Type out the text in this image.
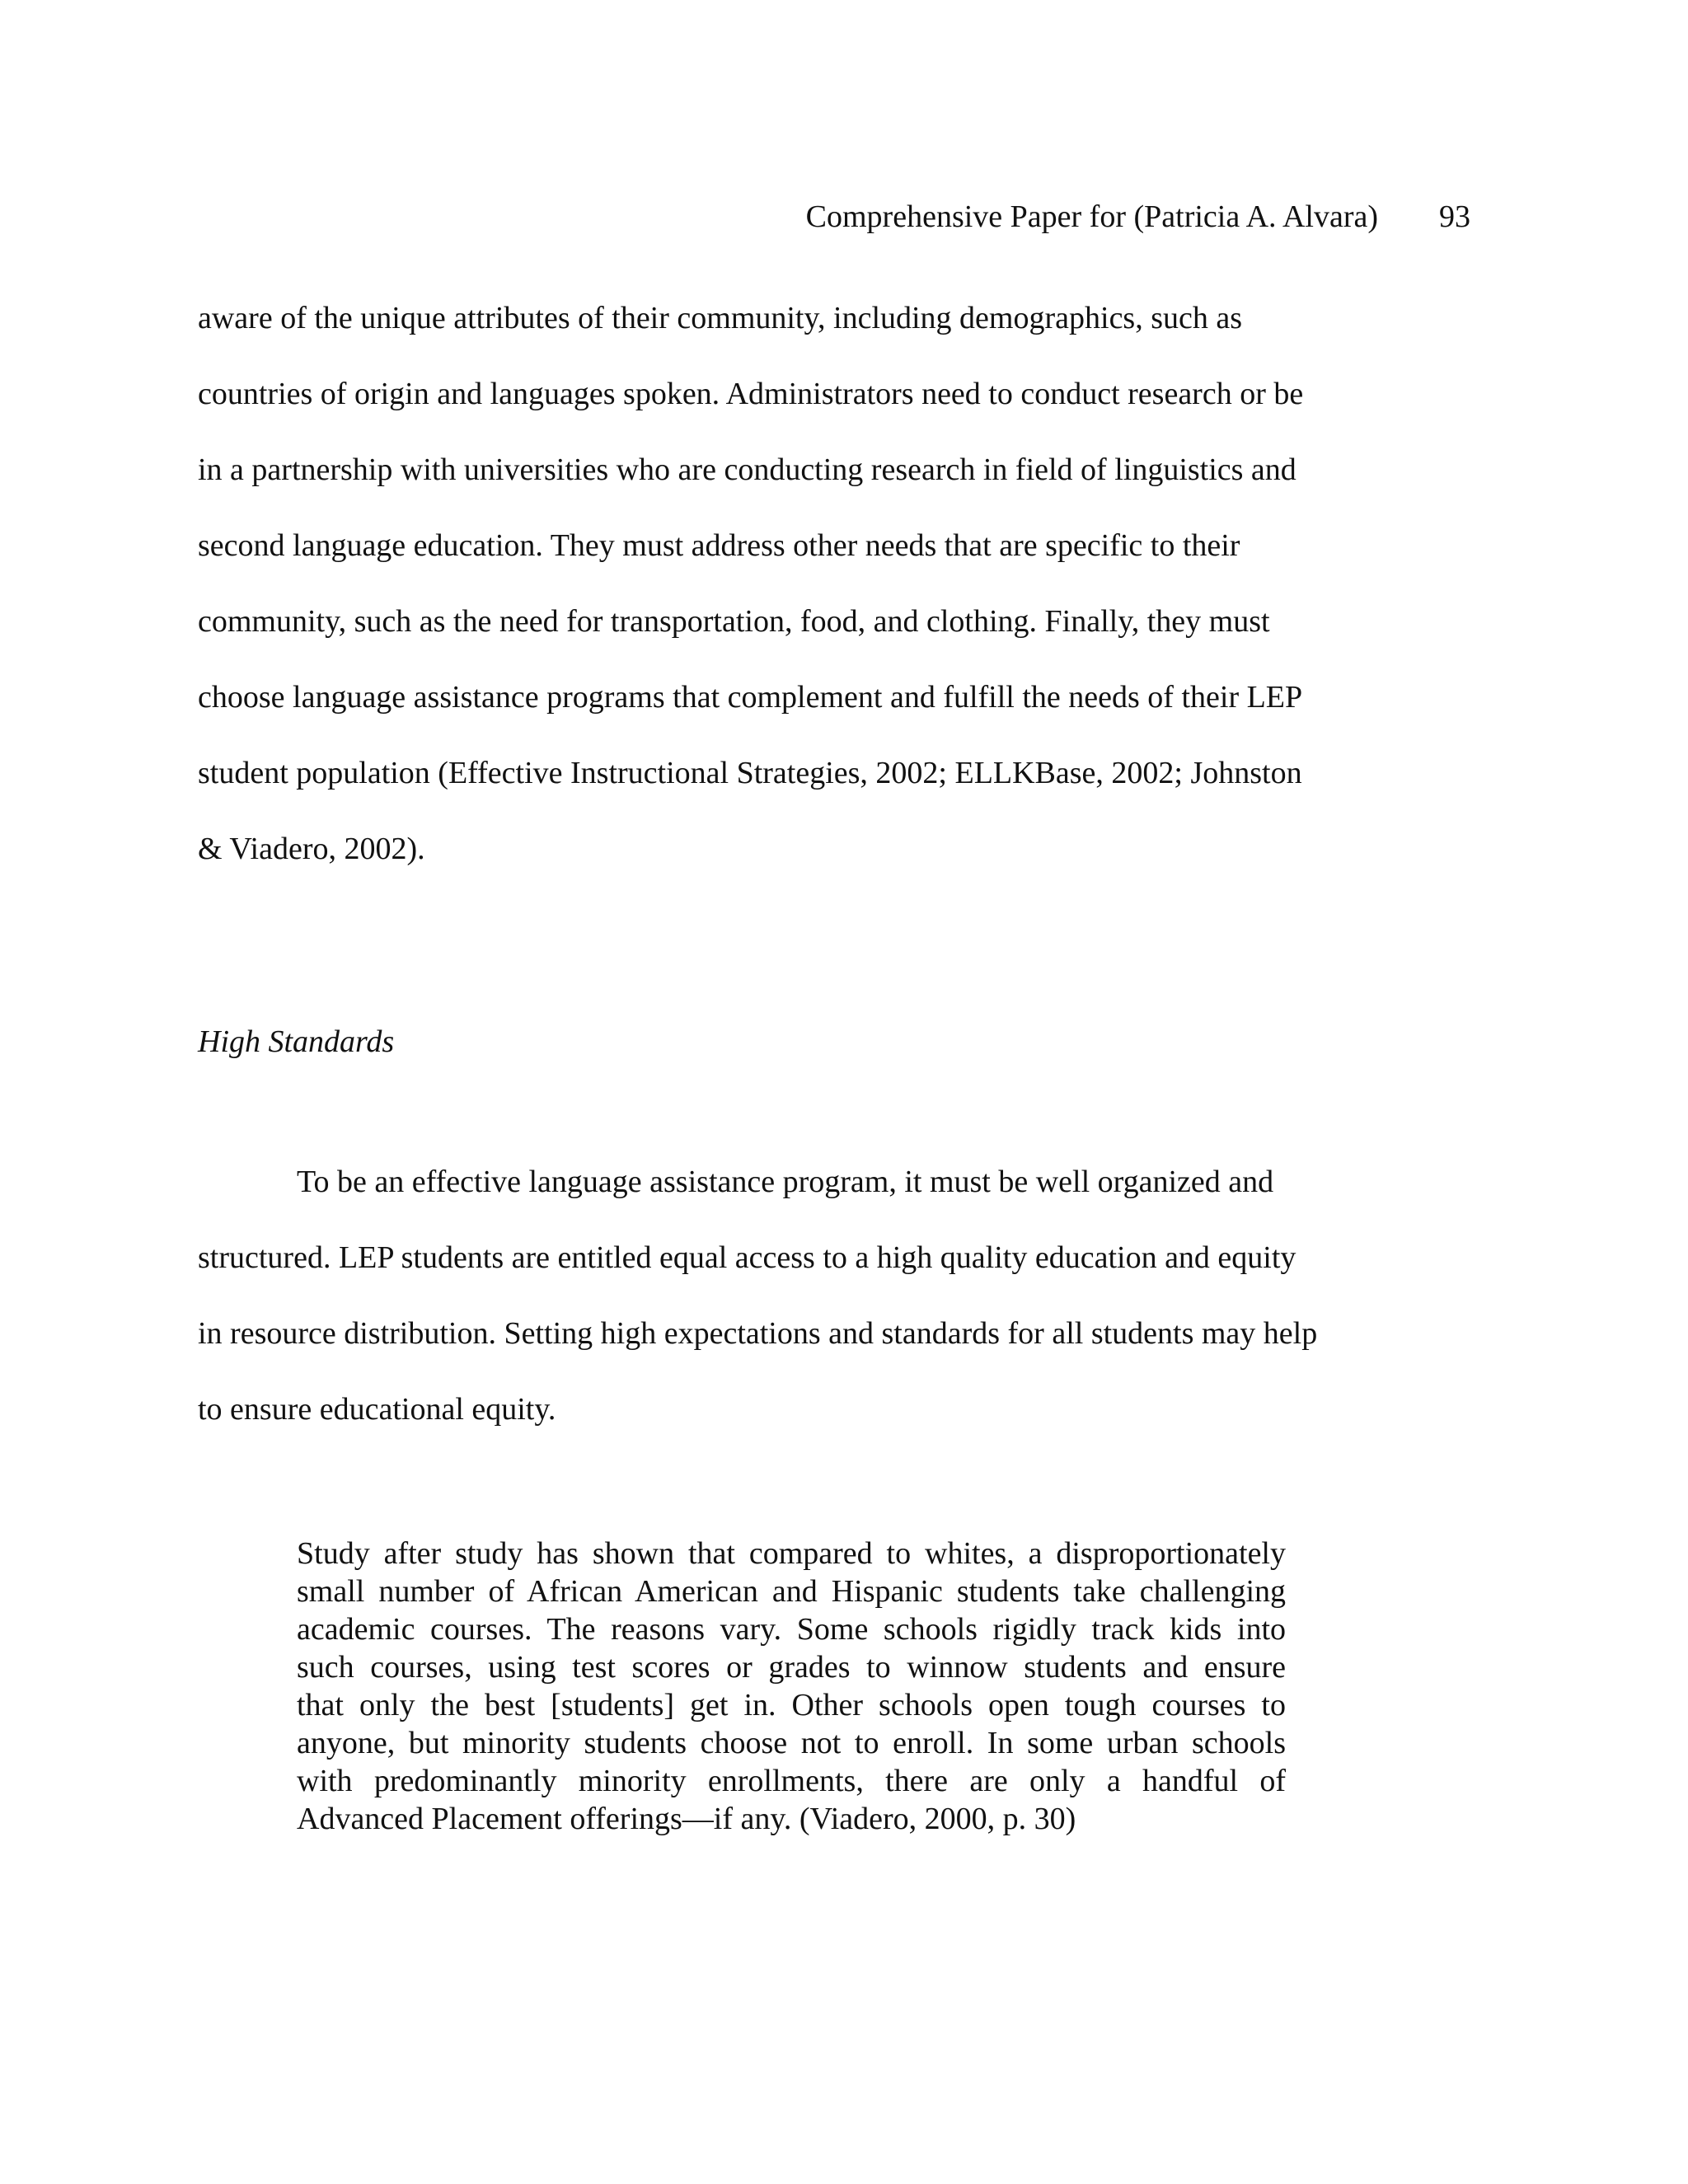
Comprehensive Paper for (Patricia A. Alvara) 93
aware of the unique attributes of their community, including demographics, such as
countries of origin and languages spoken. Administrators need to conduct research or be
in a partnership with universities who are conducting research in field of linguistics and
second language education. They must address other needs that are specific to their
community, such as the need for transportation, food, and clothing. Finally, they must
choose language assistance programs that complement and fulfill the needs of their LEP
student population (Effective Instructional Strategies, 2002; ELLKBase, 2002; Johnston
& Viadero, 2002).
High Standards
To be an effective language assistance program, it must be well organized and
structured. LEP students are entitled equal access to a high quality education and equity
in resource distribution. Setting high expectations and standards for all students may help
to ensure educational equity.
Study after study has shown that compared to whites, a disproportionately
small number of African American and Hispanic students take challenging
academic courses. The reasons vary. Some schools rigidly track kids into
such courses, using test scores or grades to winnow students and ensure
that only the best [students] get in. Other schools open tough courses to
anyone, but minority students choose not to enroll. In some urban schools
with predominantly minority enrollments, there are only a handful of
Advanced Placement offerings—if any. (Viadero, 2000, p. 30)
